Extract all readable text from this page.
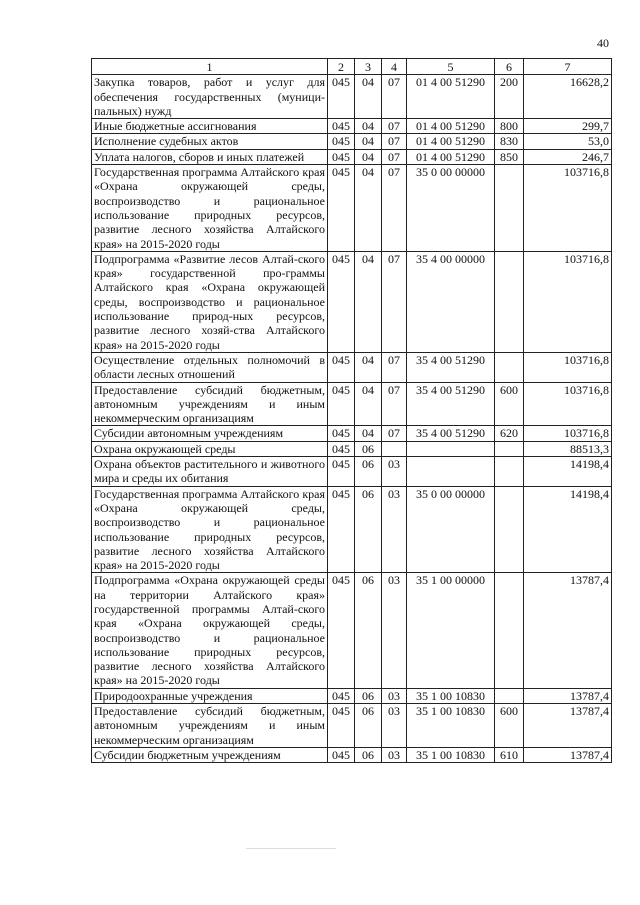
40
1	2	3	4	5	6	7
Закупка товаров, работ и услуг для обеспечения государственных (муници-пальных) нужд	045	04	07	01 4 00 51290	200	16628,2
Иные бюджетные ассигнования	045	04	07	01 4 00 51290	800	299,7
Исполнение судебных актов	045	04	07	01 4 00 51290	830	53,0
Уплата налогов, сборов и иных платежей	045	04	07	01 4 00 51290	850	246,7
Государственная программа Алтайского края «Охрана окружающей среды, воспроизводство и рациональное использование природных ресурсов, развитие лесного хозяйства Алтайского края» на 2015-2020 годы	045	04	07	35 0 00 00000		103716,8
Подпрограмма «Развитие лесов Алтай-ского края» государственной про-граммы Алтайского края «Охрана окружающей среды, воспроизводство и рациональное использование природ-ных ресурсов, развитие лесного хозяй-ства Алтайского края» на 2015-2020 годы	045	04	07	35 4 00 00000		103716,8
Осуществление отдельных полномочий в области лесных отношений	045	04	07	35 4 00 51290		103716,8
Предоставление субсидий бюджетным, автономным учреждениям и иным некоммерческим организациям	045	04	07	35 4 00 51290	600	103716,8
Субсидии автономным учреждениям	045	04	07	35 4 00 51290	620	103716,8
Охрана окружающей среды	045	06				88513,3
Охрана объектов растительного и животного мира и среды их обитания	045	06	03			14198,4
Государственная программа Алтайского края «Охрана окружающей среды, воспроизводство и рациональное использование природных ресурсов, развитие лесного хозяйства Алтайского края» на 2015-2020 годы	045	06	03	35 0 00 00000		14198,4
Подпрограмма «Охрана окружающей среды на территории Алтайского края» государственной программы Алтай-ского края «Охрана окружающей среды, воспроизводство и рациональное использование природных ресурсов, развитие лесного хозяйства Алтайского края» на 2015-2020 годы	045	06	03	35 1 00 00000		13787,4
Природоохранные учреждения	045	06	03	35 1 00 10830		13787,4
Предоставление субсидий бюджетным, автономным учреждениям и иным некоммерческим организациям	045	06	03	35 1 00 10830	600	13787,4
Субсидии бюджетным учреждениям	045	06	03	35 1 00 10830	610	13787,4
